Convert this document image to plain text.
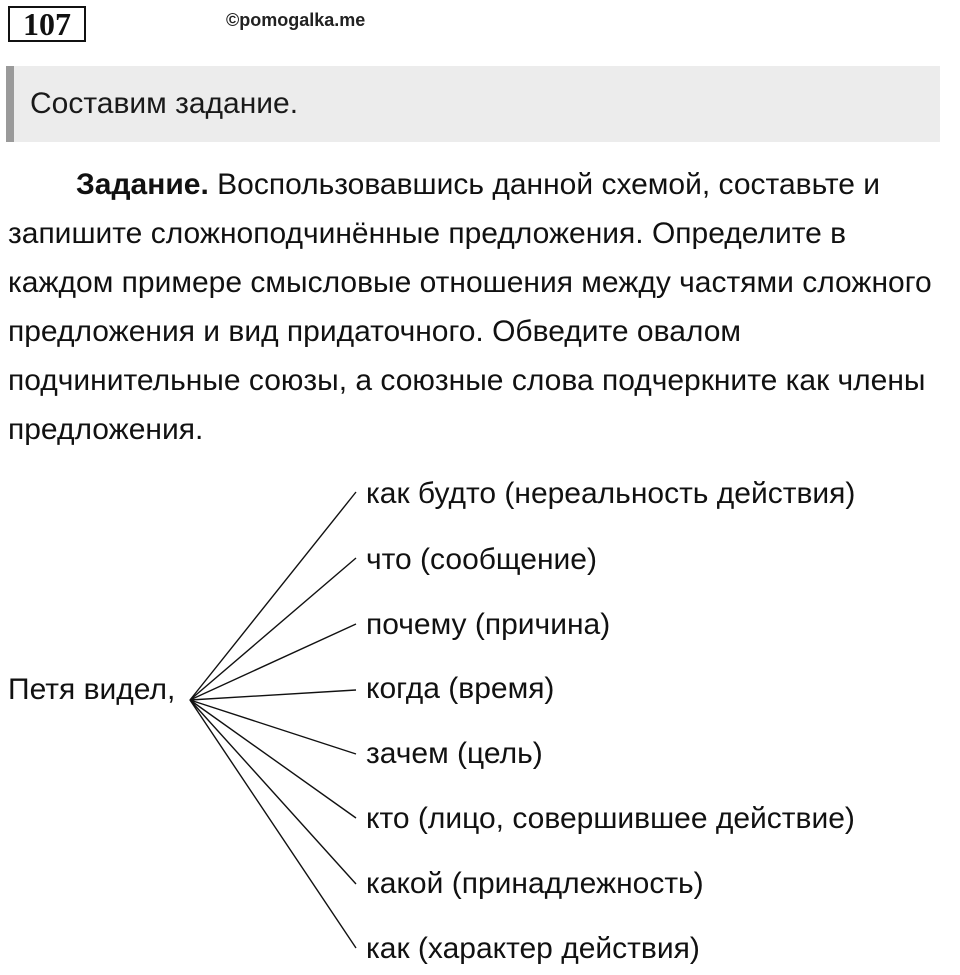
107	©pomogalka.me
Составим задание.
Задание. Воспользовавшись данной схемой, составьте и запишите сложноподчинённые предложения. Определите в каждом примере смысловые отношения между частями сложного предложения и вид придаточного. Обведите овалом подчинительные союзы, а союзные слова подчеркните как члены предложения.
Петя видел,
как будто (нереальность действия)
что (сообщение)
почему (причина)
когда (время)
зачем (цель)
кто (лицо, совершившее действие)
какой (принадлежность)
как (характер действия)
